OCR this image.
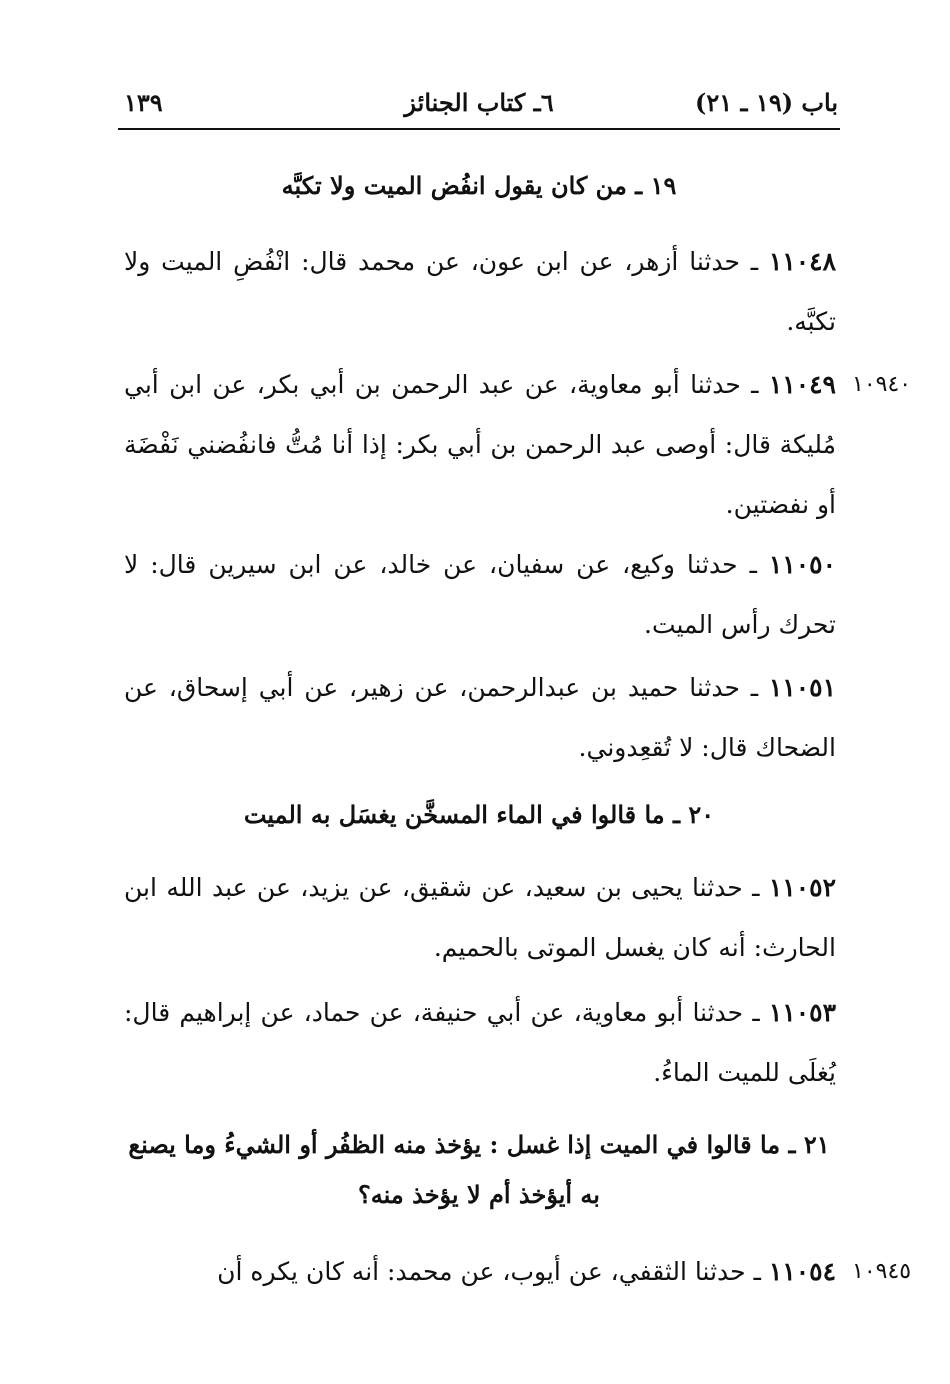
باب (١٩ ـ ٢١)
٦ـ كتاب الجنائز
١٣٩
١٩ ـ من كان يقول انفُض الميت ولا تكبَّه
١١٠٤٨ ـ حدثنا أزهر، عن ابن عون، عن محمد قال: انْفُضِ الميت ولا تكبَّه.
١٠٩٤٠
١١٠٤٩ ـ حدثنا أبو معاوية، عن عبد الرحمن بن أبي بكر، عن ابن أبي مُليكة قال: أوصى عبد الرحمن بن أبي بكر: إذا أنا مُتُّ فانفُضني نَفْضَة أو نفضتين.
١١٠٥٠ ـ حدثنا وكيع، عن سفيان، عن خالد، عن ابن سيرين قال: لا تحرك رأس الميت.
١١٠٥١ ـ حدثنا حميد بن عبدالرحمن، عن زهير، عن أبي إسحاق، عن الضحاك قال: لا تُقعِدوني.
٢٠ ـ ما قالوا في الماء المسخَّن يغسَل به الميت
١١٠٥٢ ـ حدثنا يحيى بن سعيد، عن شقيق، عن يزيد، عن عبد الله ابن الحارث: أنه كان يغسل الموتى بالحميم.
١١٠٥٣ ـ حدثنا أبو معاوية، عن أبي حنيفة، عن حماد، عن إبراهيم قال: يُغلَى للميت الماءُ.
٢١ ـ ما قالوا في الميت إذا غسل : يؤخذ منه الظفُر أو الشيءُ وما يصنع به أيؤخذ أم لا يؤخذ منه؟
١٠٩٤٥
١١٠٥٤ ـ حدثنا الثقفي، عن أيوب، عن محمد: أنه كان يكره أن
